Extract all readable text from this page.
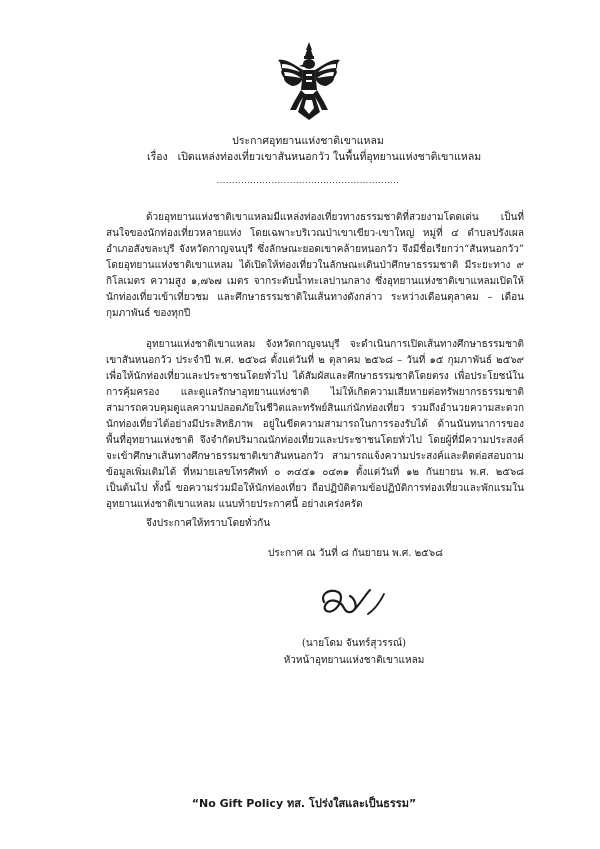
ประกาศอุทยานแห่งชาติเขาแหลม
เรื่อง เปิดแหล่งท่องเที่ยวเขาสันหนอกวัว ในพื้นที่อุทยานแห่งชาติเขาแหลม
............................................................

ด้วยอุทยานแห่งชาติเขาแหลมมีแหล่งท่องเที่ยวทางธรรมชาติที่สวยงามโดดเด่น เป็นที่สนใจของนักท่องเที่ยวหลายแห่ง โดยเฉพาะบริเวณป่าเขาเขียว-เขาใหญ่ หมู่ที่ ๔ ตำบลปรังเผล อำเภอสังขละบุรี จังหวัดกาญจนบุรี ซึ่งลักษณะยอดเขาคล้ายหนอกวัว จึงมีชื่อเรียกว่า“สันหนอกวัว” โดยอุทยานแห่งชาติเขาแหลม ได้เปิดให้ท่องเที่ยวในลักษณะเดินป่าศึกษาธรรมชาติ มีระยะทาง ๙ กิโลเมตร ความสูง ๑,๗๖๗ เมตร จากระดับน้ำทะเลปานกลาง ซึ่งอุทยานแห่งชาติเขาแหลมเปิดให้นักท่องเที่ยวเข้าเที่ยวชม และศึกษาธรรมชาติในเส้นทางดังกล่าว ระหว่างเดือนตุลาคม – เดือนกุมภาพันธ์ ของทุกปี

อุทยานแห่งชาติเขาแหลม จังหวัดกาญจนบุรี จะดำเนินการเปิดเส้นทางศึกษาธรรมชาติเขาสันหนอกวัว ประจำปี พ.ศ. ๒๕๖๘ ตั้งแต่วันที่ ๒ ตุลาคม ๒๕๖๘ – วันที่ ๑๕ กุมภาพันธ์ ๒๕๖๙ เพื่อให้นักท่องเที่ยวและประชาชนโดยทั่วไป ได้สัมผัสและศึกษาธรรมชาติโดยตรง เพื่อประโยชน์ในการคุ้มครอง และดูแลรักษาอุทยานแห่งชาติ ไม่ให้เกิดความเสียหายต่อทรัพยากรธรรมชาติ สามารถควบคุมดูแลความปลอดภัยในชีวิตและทรัพย์สินแก่นักท่องเที่ยว รวมถึงอำนวยความสะดวกนักท่องเที่ยวได้อย่างมีประสิทธิภาพ อยู่ในขีดความสามารถในการรองรับได้ ด้านนันทนาการของพื้นที่อุทยานแห่งชาติ จึงจำกัดปริมาณนักท่องเที่ยวและประชาชนโดยทั่วไป โดยผู้ที่มีความประสงค์จะเข้าศึกษาเส้นทางศึกษาธรรมชาติเขาสันหนอกวัว สามารถแจ้งความประสงค์และติดต่อสอบถามข้อมูลเพิ่มเติมได้ ที่หมายเลขโทรศัพท์ ๐ ๓๔๕๑ ๐๔๓๑ ตั้งแต่วันที่ ๑๒ กันยายน พ.ศ. ๒๕๖๘ เป็นต้นไป ทั้งนี้ ขอความร่วมมือให้นักท่องเที่ยว ถือปฏิบัติตามข้อปฏิบัติการท่องเที่ยวและพักแรมในอุทยานแห่งชาติเขาแหลม แนบท้ายประกาศนี้ อย่างเคร่งครัด

จึงประกาศให้ทราบโดยทั่วกัน
ประกาศ ณ วันที่ ๘ กันยายน พ.ศ. ๒๕๖๘
(นายโดม จันทร์สุวรรณ์)
หัวหน้าอุทยานแห่งชาติเขาแหลม
“No Gift Policy ทส. โปร่งใสและเป็นธรรม”
